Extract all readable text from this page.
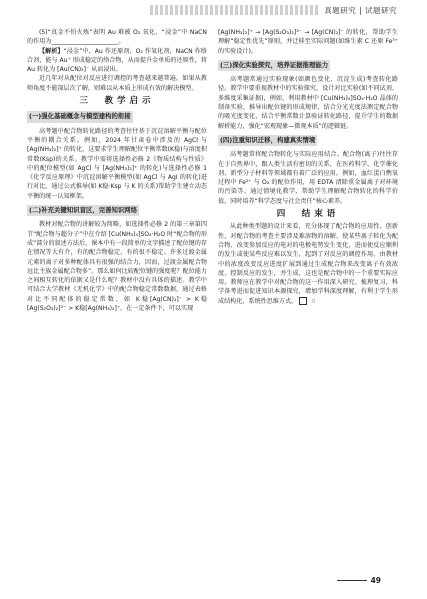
真题研究 | 试题研究

(5)“真金不怕火炼”表明 Au 难被 O₂ 氧化，“浸金”中 NaCN 的作用为______________________。

【解析】“浸金”中，Au 作还原剂，O₂ 作氧化剂，NaCN 作络合剂，能与 Au⁺ 形成稳定的络合物，从而提升金单质的还原性，将 Au 转化为 [Au(CN)₂]⁻ 从而浸出。

近几年对从配位对反应进行调控的考查越来越普遍。如果从教师角度不能深层次了解，则难以从本质上形成有效的解决模型。

三　教学启示
(一)强化基础概念与模型建构的衔接

高考题中配合物转化路径的考查往往基于沉淀溶解平衡与配位平衡的耦合关系。例如，2024 年甘肃卷中涉及的 AgCl 与 [Ag(NH₃)₂]⁺ 的转化，这要求学生理解配位平衡常数(K稳)与溶度积常数(Ksp)的关系。教学中需将选择性必修 2《物质结构与性质》中的配位模型(如 AgCl 与 [Ag(NH₃)₂]⁺ 的转化)与选择性必修 1《化学反应原理》中沉淀溶解平衡模型(如 AgCl 与 AgI 的转化)进行对比，通过公式推导(如 K稳·Ksp 与 K 的关系)帮助学生建立动态平衡的统一认知框架。

(二)补充关键知识盲区，完善知识网络

教材对配合物的讲解较为简略，如选择性必修 2 的第三章第四节“配合物与超分子”中在介绍 [Cu(NH₃)₄]SO₄·H₂O 时“配合物的形成”部分的叙述方法后，课本中有一段简单的文字描述了配位键的存在情况等大有介，有的配合物稳定，有的很不稳定。许多过渡金属元素的离子对多种配体具有很强的结合力，因而，过渡金属配合物远比主族金属配合物多”。那么如何比较配位键的强度呢？配位能力之间相互转化的依据又是什么呢？教材中没有具体的描述。教学中可结合大学教材《无机化学》中的配合物稳定常数数据，通过表格对比不同配体的稳定常数，如 K稳[Ag(CN)₂]⁻ > K稳[Ag(S₂O₃)₂]³⁻ > K稳[Ag(NH₃)₂]⁺，在一定条件下，可以实现

[Ag(NH₃)₂]⁺ → [Ag(S₂O₃)₂]³⁻ → [Ag(CN)₂]⁻ 的转化，帮助学生理解“稳定性优先”原则，并迁移至实际问题(如维生素 C 还原 Fe³⁺ 的实验设计)。

(三)深化实验探究，培养证据推理能力

高考题常通过实验现象(如颜色变化、沉淀生成)考查转化路径。教学中要重视教材中的实验探究，设计对比实验(如不同试剂、多维度采集证据)，例如，利用教材中 [Cu(NH₃)₄]SO₄·H₂O 晶体的制备实验，推导出配位键的形成规律，结合分光光度法测定配合物的吸光度变化，结合平衡常数计算验证转化路径，提升学生的数据解析能力，强化“宏观现象—微观本质”的逻辑链。

(四)注重知识迁移，构建真实情境

高考题常将配合物转化与实际应用结合。配合物(离子)往往存在于自然界中，跟人类生活有密切的关系，在医药科学、化学催化剂、新型分子材料等领域都有着广泛的应用。例如，血红蛋白携氧过程中 Fe²⁺ 与 O₂ 的配位作用，用 EDTA 清除重金属离子对环境的污染等。通过情境化教学，帮助学生理解配合物转化的科学价值，同时培养“科学态度与社会责任”核心素养。

四　结束语

从此种类型题的设计来看，充分体现了配合物的应用性、创新性，对配合物的考查主要涉及难溶物的溶解、使某些离子转化为配合物、改变参加反应的电对的电极电势发生变化，进而使反应顺利的发生或使某些反应难以发生，起到了对反应的调控作用。由教材中的浓度改变反应进度扩展到通过生成配合物来改变离子有效浓度，控制反应的发生，并生成，这也是配合物中的一个重要实际应用。教师应在教学中对配合物的这一作用深入研究、梳理复习，科学备考进而促进知识本源探究，增加学科深度理解，有利于学生形成结构化、系统性思维方式。	◻

49
